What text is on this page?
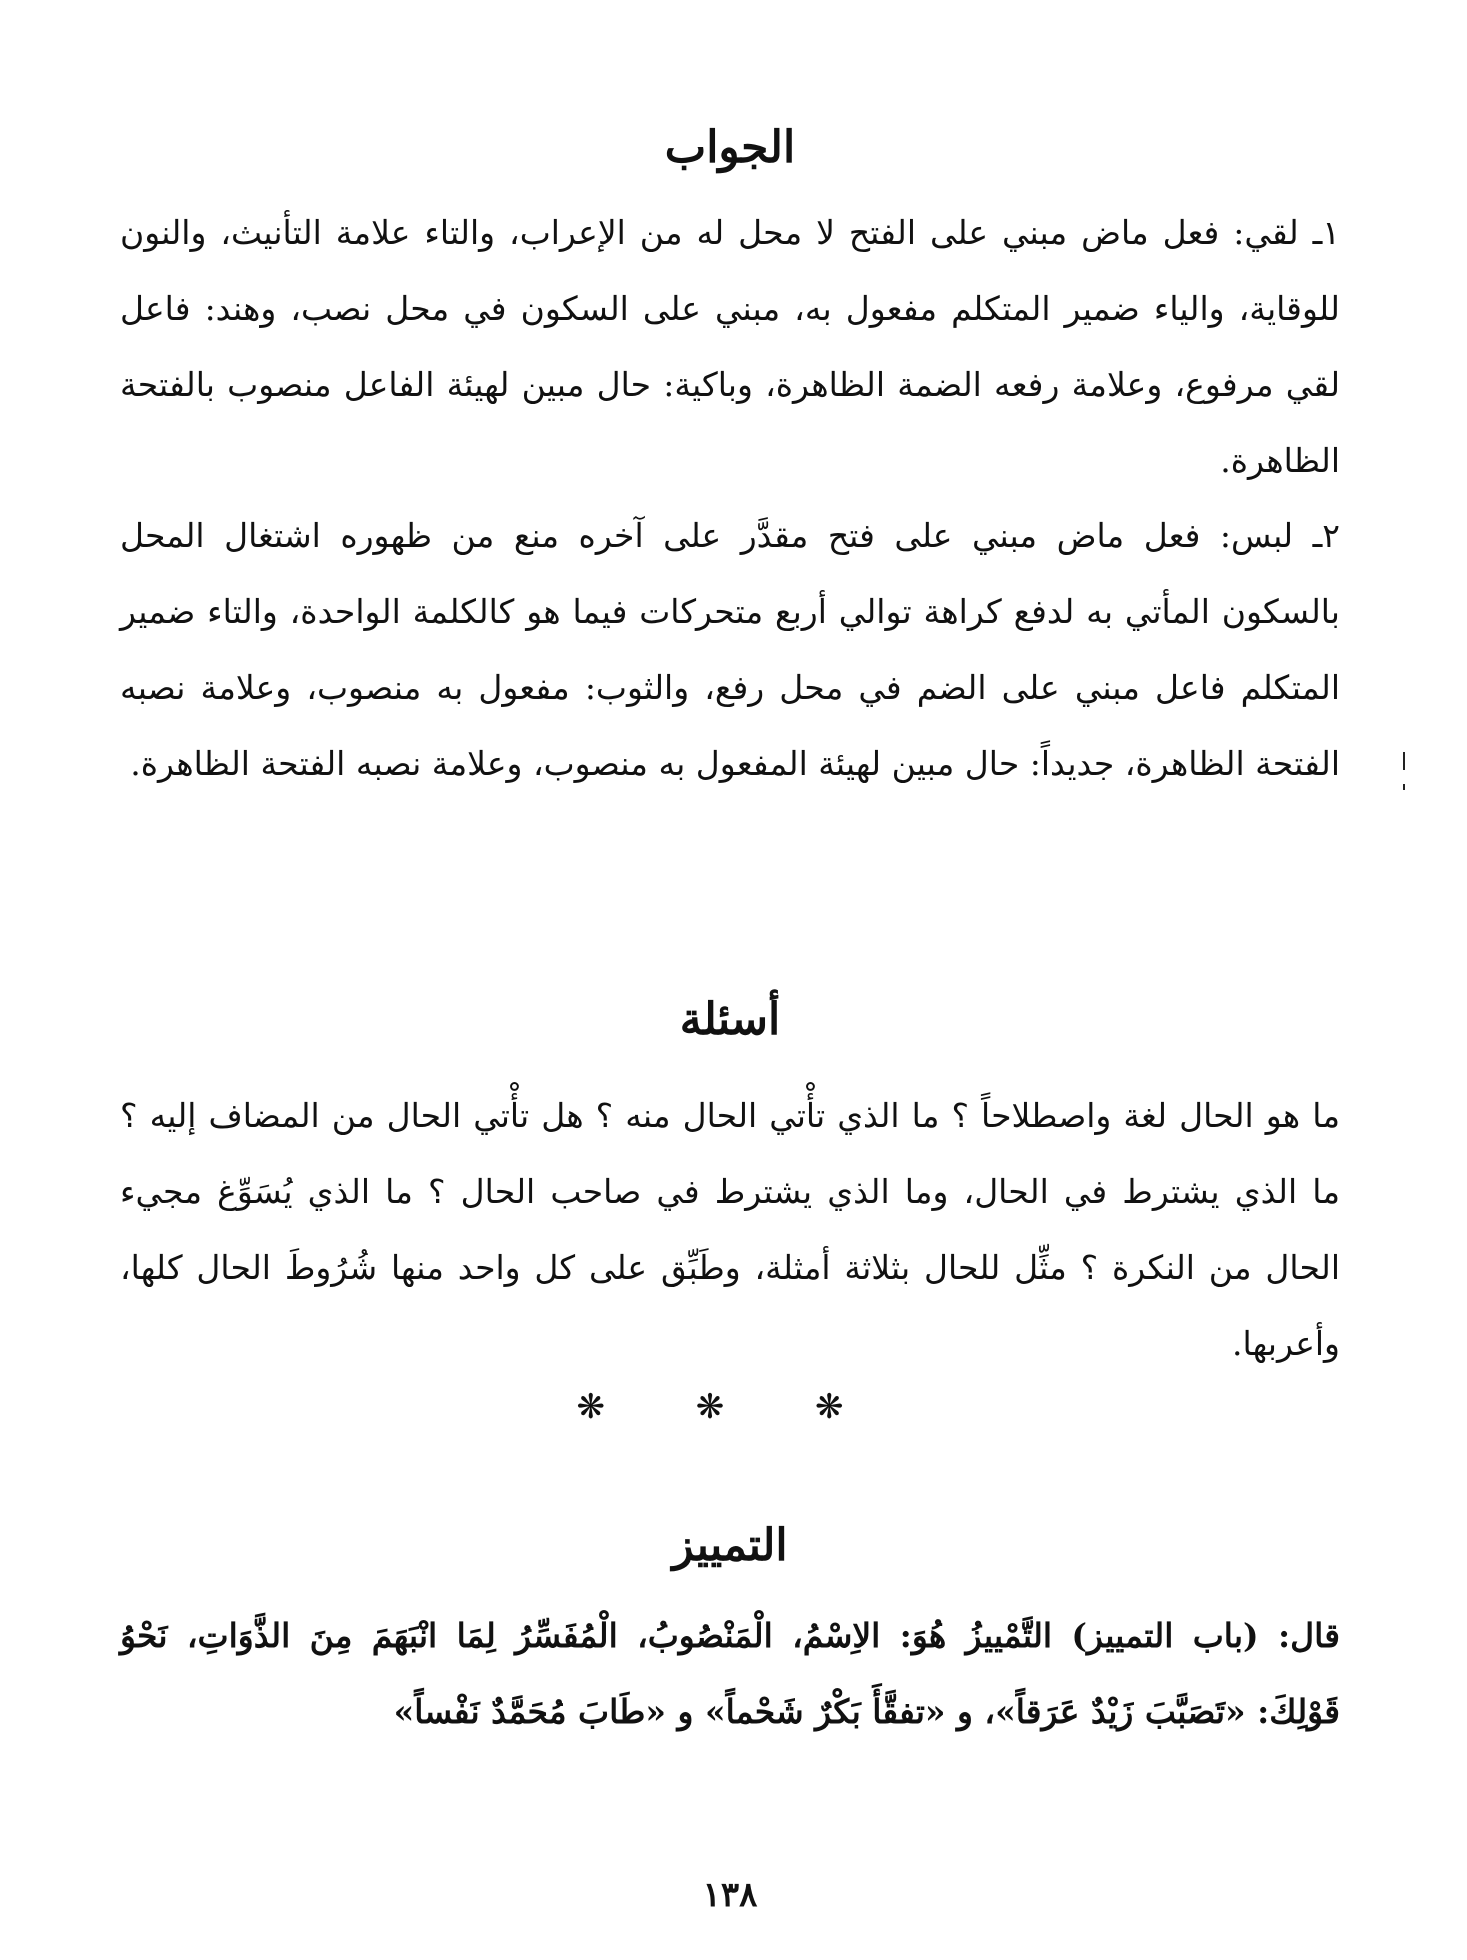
الجواب

١ـ لقي: فعل ماض مبني على الفتح لا محل له من الإعراب، والتاء علامة التأنيث، والنون للوقاية، والياء ضمير المتكلم مفعول به، مبني على السكون في محل نصب، وهند: فاعل لقي مرفوع، وعلامة رفعه الضمة الظاهرة، وباكية: حال مبين لهيئة الفاعل منصوب بالفتحة الظاهرة.

٢ـ لبس: فعل ماض مبني على فتح مقدَّر على آخره منع من ظهوره اشتغال المحل بالسكون المأتي به لدفع كراهة توالي أربع متحركات فيما هو كالكلمة الواحدة، والتاء ضمير المتكلم فاعل مبني على الضم في محل رفع، والثوب: مفعول به منصوب، وعلامة نصبه الفتحة الظاهرة، جديداً: حال مبين لهيئة المفعول به منصوب، وعلامة نصبه الفتحة الظاهرة.

أسئلة

ما هو الحال لغة واصطلاحاً ؟ ما الذي تأْتي الحال منه ؟ هل تأْتي الحال من المضاف إليه ؟ ما الذي يشترط في الحال، وما الذي يشترط في صاحب الحال ؟ ما الذي يُسَوِّغ مجيء الحال من النكرة ؟ مثِّل للحال بثلاثة أمثلة، وطَبِّق على كل واحد منها شُرُوطَ الحال كلها، وأعربها.

❋ ❋ ❋
التمييز

قال: (باب التمييز) التَّمْييزُ هُوَ: الاِسْمُ، الْمَنْصُوبُ، الْمُفَسِّرُ لِمَا انْبَهَمَ مِنَ الذَّوَاتِ، نَحْوُ قَوْلِكَ: «تَصَبَّبَ زَيْدٌ عَرَقاً»، و «تفقَّأَ بَكْرٌ شَحْماً» و «طَابَ مُحَمَّدٌ نَفْساً»

١٣٨
